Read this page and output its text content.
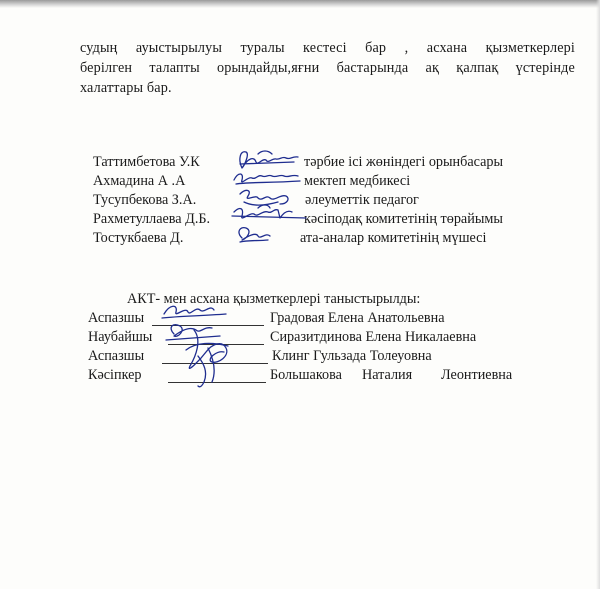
судың ауыстырылуы туралы кестесі бар , асхана қызметкерлері
берілген талапты орындайды,яғни бастарында ақ қалпақ үстерінде
халаттары бар.
Таттимбетова У.К	тәрбие ісі жөніндегі орынбасары
Ахмадина А .А	мектеп медбикесі
Тусупбекова З.А.	әлеуметтік педагог
Рахметуллаева Д.Б.	кәсіподақ комитетінің төрайымы
Тостукбаева Д.	ата-аналар комитетінің мүшесі
АКТ- мен асхана қызметкерлері таныстырылды:
Аспазшы	Градовая Елена Анатольевна
Наубайшы	Сиразитдинова Елена Никалаевна
Аспазшы	Клинг Гульзада Толеуовна
Кәсіпкер	Большакова Наталия Леонтиевна
